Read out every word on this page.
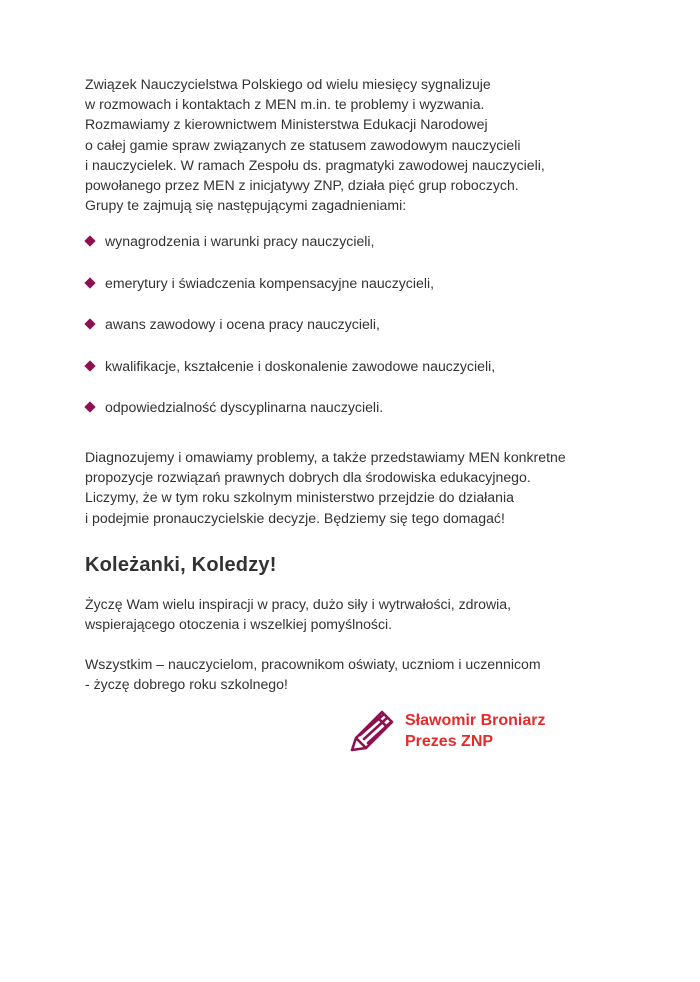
Związek Nauczycielstwa Polskiego od wielu miesięcy sygnalizuje
w rozmowach i kontaktach z MEN m.in. te problemy i wyzwania.
Rozmawiamy z kierownictwem Ministerstwa Edukacji Narodowej
o całej gamie spraw związanych ze statusem zawodowym nauczycieli
i nauczycielek. W ramach Zespołu ds. pragmatyki zawodowej nauczycieli,
powołanego przez MEN z inicjatywy ZNP, działa pięć grup roboczych.
Grupy te zajmują się następującymi zagadnieniami:

wynagrodzenia i warunki pracy nauczycieli,
emerytury i świadczenia kompensacyjne nauczycieli,
awans zawodowy i ocena pracy nauczycieli,
kwalifikacje, kształcenie i doskonalenie zawodowe nauczycieli,
odpowiedzialność dyscyplinarna nauczycieli.

Diagnozujemy i omawiamy problemy, a także przedstawiamy MEN konkretne
propozycje rozwiązań prawnych dobrych dla środowiska edukacyjnego.
Liczymy, że w tym roku szkolnym ministerstwo przejdzie do działania
i podejmie pronauczycielskie decyzje. Będziemy się tego domagać!

Koleżanki, Koledzy!

Życzę Wam wielu inspiracji w pracy, dużo siły i wytrwałości, zdrowia,
wspierającego otoczenia i wszelkiej pomyślności.

Wszystkim – nauczycielom, pracownikom oświaty, uczniom i uczennicom
- życzę dobrego roku szkolnego!

Sławomir Broniarz
Prezes ZNP
